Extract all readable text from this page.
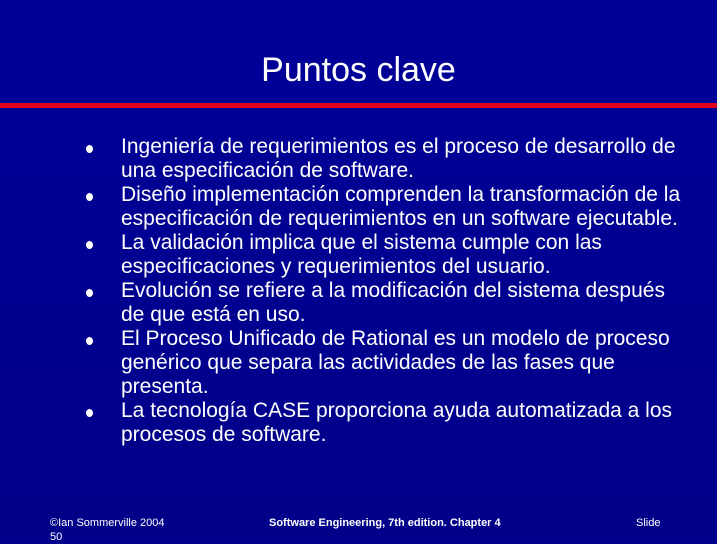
Puntos clave
Ingeniería de requerimientos es el proceso de desarrollo de una especificación de software.
Diseño implementación comprenden la transformación de la especificación de requerimientos en un software ejecutable.
La validación implica que el sistema cumple con las especificaciones y requerimientos del usuario.
Evolución se refiere a la modificación del sistema después de que está en uso.
El Proceso Unificado de Rational es un modelo de proceso genérico que separa las actividades de las fases que presenta.
La tecnología CASE proporciona ayuda automatizada a los procesos de software.
©Ian Sommerville 2004	Software Engineering, 7th edition. Chapter 4	Slide
50
